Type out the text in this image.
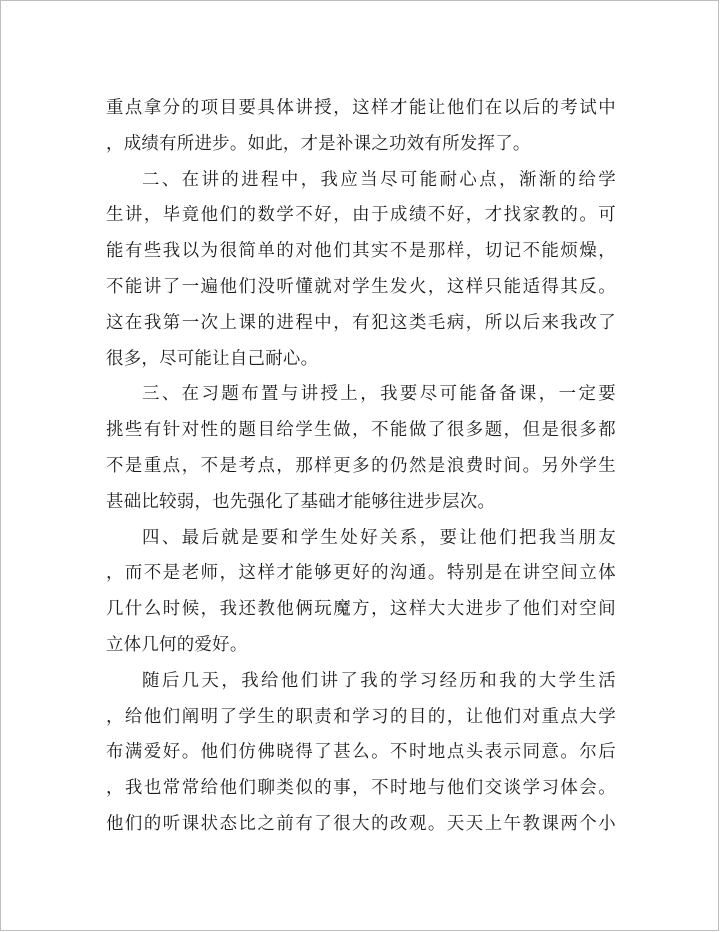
重点拿分的项目要具体讲授，这样才能让他们在以后的考试中
，成绩有所进步。如此，才是补课之功效有所发挥了。
二、在讲的进程中，我应当尽可能耐心点，渐渐的给学
生讲，毕竟他们的数学不好，由于成绩不好，才找家教的。可
能有些我以为很简单的对他们其实不是那样，切记不能烦燥，
不能讲了一遍他们没听懂就对学生发火，这样只能适得其反。
这在我第一次上课的进程中，有犯这类毛病，所以后来我改了
很多，尽可能让自己耐心。
三、在习题布置与讲授上，我要尽可能备备课，一定要
挑些有针对性的题目给学生做，不能做了很多题，但是很多都
不是重点，不是考点，那样更多的仍然是浪费时间。另外学生
甚础比较弱，也先强化了基础才能够往进步层次。
四、最后就是要和学生处好关系，要让他们把我当朋友
，而不是老师，这样才能够更好的沟通。特别是在讲空间立体
几什么时候，我还教他俩玩魔方，这样大大进步了他们对空间
立体几何的爱好。
随后几天，我给他们讲了我的学习经历和我的大学生活
，给他们阐明了学生的职责和学习的目的，让他们对重点大学
布满爱好。他们仿佛晓得了甚么。不时地点头表示同意。尔后
，我也常常给他们聊类似的事，不时地与他们交谈学习体会。
他们的听课状态比之前有了很大的改观。天天上午教课两个小
